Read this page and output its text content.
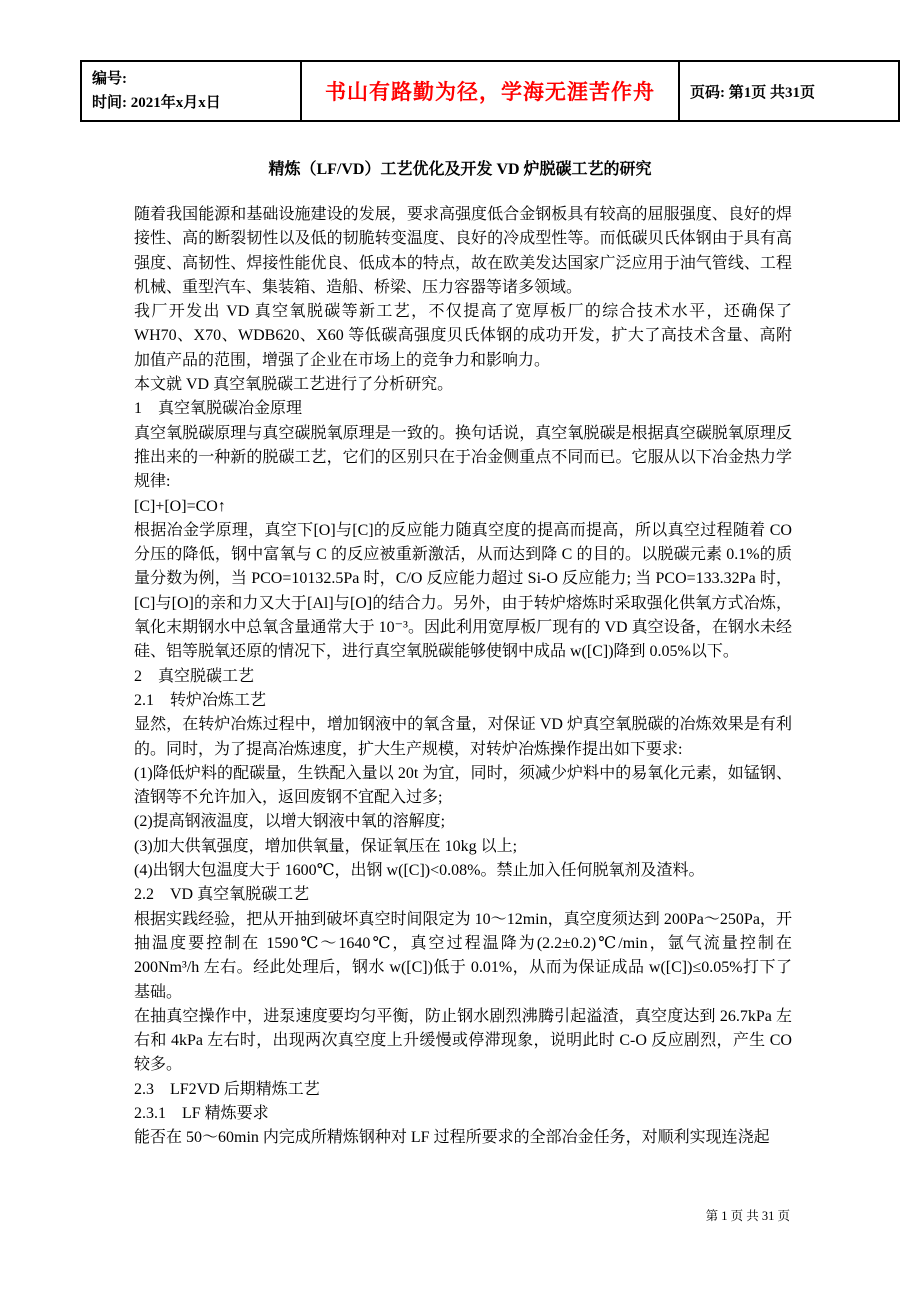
编号:
时间: 2021年x月x日	书山有路勤为径，学海无涯苦作舟	页码: 第1页 共31页
精炼（LF/VD）工艺优化及开发 VD 炉脱碳工艺的研究
随着我国能源和基础设施建设的发展，要求高强度低合金钢板具有较高的屈服强度、良好的焊接性、高的断裂韧性以及低的韧脆转变温度、良好的冷成型性等。而低碳贝氏体钢由于具有高强度、高韧性、焊接性能优良、低成本的特点，故在欧美发达国家广泛应用于油气管线、工程机械、重型汽车、集装箱、造船、桥梁、压力容器等诸多领域。
我厂开发出 VD 真空氧脱碳等新工艺，不仅提高了宽厚板厂的综合技术水平，还确保了 WH70、X70、WDB620、X60 等低碳高强度贝氏体钢的成功开发，扩大了高技术含量、高附加值产品的范围，增强了企业在市场上的竞争力和影响力。
本文就 VD 真空氧脱碳工艺进行了分析研究。
1　真空氧脱碳冶金原理
真空氧脱碳原理与真空碳脱氧原理是一致的。换句话说，真空氧脱碳是根据真空碳脱氧原理反推出来的一种新的脱碳工艺，它们的区别只在于冶金侧重点不同而已。它服从以下冶金热力学规律:
[C]+[O]=CO↑
根据冶金学原理，真空下[O]与[C]的反应能力随真空度的提高而提高，所以真空过程随着 CO 分压的降低，钢中富氧与 C 的反应被重新激活，从而达到降 C 的目的。以脱碳元素 0.1%的质量分数为例，当 PCO=10132.5Pa 时，C/O 反应能力超过 Si-O 反应能力; 当 PCO=133.32Pa 时，[C]与[O]的亲和力又大于[Al]与[O]的结合力。另外，由于转炉熔炼时采取强化供氧方式冶炼，氧化末期钢水中总氧含量通常大于 10⁻³。因此利用宽厚板厂现有的 VD 真空设备，在钢水未经硅、铝等脱氧还原的情况下，进行真空氧脱碳能够使钢中成品 w([C])降到 0.05%以下。
2　真空脱碳工艺
2.1　转炉冶炼工艺
显然，在转炉冶炼过程中，增加钢液中的氧含量，对保证 VD 炉真空氧脱碳的冶炼效果是有利的。同时，为了提高冶炼速度，扩大生产规模，对转炉冶炼操作提出如下要求:
(1)降低炉料的配碳量，生铁配入量以 20t 为宜，同时，须减少炉料中的易氧化元素，如锰钢、渣钢等不允许加入，返回废钢不宜配入过多;
(2)提高钢液温度，以增大钢液中氧的溶解度;
(3)加大供氧强度，增加供氧量，保证氧压在 10kg 以上;
(4)出钢大包温度大于 1600℃，出钢 w([C])<0.08%。禁止加入任何脱氧剂及渣料。
2.2　VD 真空氧脱碳工艺
根据实践经验，把从开抽到破坏真空时间限定为 10～12min，真空度须达到 200Pa～250Pa，开抽温度要控制在 1590℃～1640℃，真空过程温降为(2.2±0.2)℃/min，氩气流量控制在 200Nm³/h 左右。经此处理后，钢水 w([C])低于 0.01%，从而为保证成品 w([C])≤0.05%打下了基础。
在抽真空操作中，进泵速度要均匀平衡，防止钢水剧烈沸腾引起溢渣，真空度达到 26.7kPa 左右和 4kPa 左右时，出现两次真空度上升缓慢或停滞现象，说明此时 C-O 反应剧烈，产生 CO 较多。
2.3　LF2VD 后期精炼工艺
2.3.1　LF 精炼要求
能否在 50～60min 内完成所精炼钢种对 LF 过程所要求的全部冶金任务，对顺利实现连浇起
第 1 页 共 31 页
